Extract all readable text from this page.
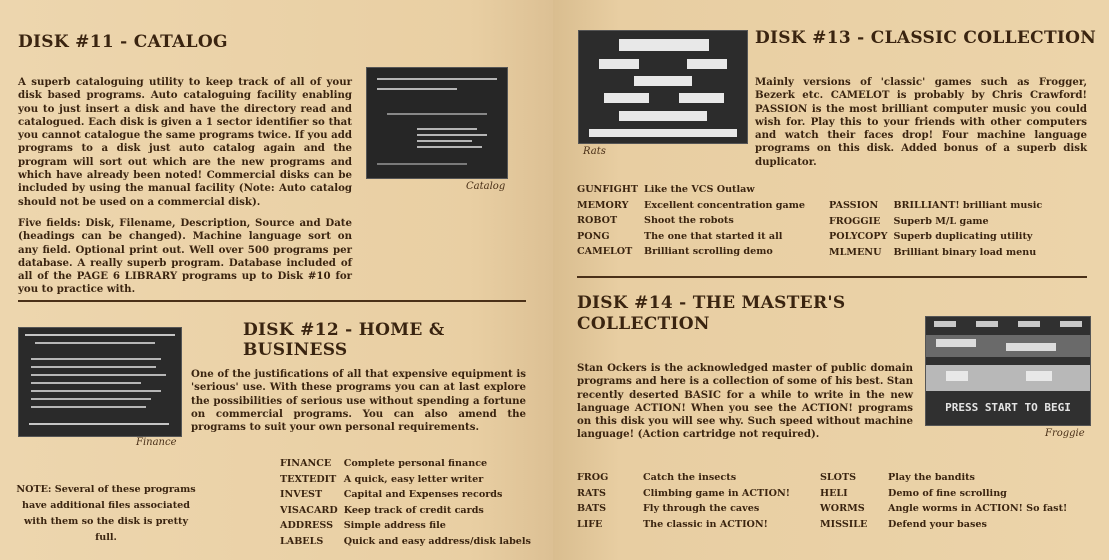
DISK #11 - CATALOG

A superb cataloguing utility to keep track of all of your disk based programs. Auto cataloguing facility enabling you to just insert a disk and have the directory read and catalogued. Each disk is given a 1 sector identifier so that you cannot catalogue the same programs twice. If you add programs to a disk just auto catalog again and the program will sort out which are the new programs and which have already been noted! Commercial disks can be included by using the manual facility (Note: Auto catalog should not be used on a commercial disk).

Five fields: Disk, Filename, Description, Source and Date (headings can be changed). Machine language sort on any field. Optional print out. Well over 500 programs per database. A really superb program. Database included of all of the PAGE 6 LIBRARY programs up to Disk #10 for you to practice with.

Catalog
Finance
DISK #12 - HOME & BUSINESS

One of the justifications of all that expensive equipment is 'serious' use. With these programs you can at last explore the possibilities of serious use without spending a fortune on commercial programs. You can also amend the programs to suit your own personal requirements.

NOTE: Several of these programs have additional files associated with them so the disk is pretty full.
FINANCE	Complete personal finance
TEXTEDIT	A quick, easy letter writer
INVEST	Capital and Expenses records
VISACARD	Keep track of credit cards
ADDRESS	Simple address file
LABELS	Quick and easy address/disk labels
Rats
DISK #13 - CLASSIC COLLECTION

Mainly versions of 'classic' games such as Frogger, Bezerk etc. CAMELOT is probably by Chris Crawford! PASSION is the most brilliant computer music you could wish for. Play this to your friends with other computers and watch their faces drop! Four machine language programs on this disk. Added bonus of a superb disk duplicator.

GUNFIGHT	Like the VCS Outlaw
MEMORY	Excellent concentration game
ROBOT	Shoot the robots
PONG	The one that started it all
CAMELOT	Brilliant scrolling demo
PASSION	BRILLIANT! brilliant music
FROGGIE	Superb M/L game
POLYCOPY	Superb duplicating utility
MLMENU	Brilliant binary load menu
DISK #14 - THE MASTER'S
COLLECTION
PRESS START TO BEGI
Froggie

Stan Ockers is the acknowledged master of public domain programs and here is a collection of some of his best. Stan recently deserted BASIC for a while to write in the new language ACTION! When you see the ACTION! programs on this disk you will see why. Such speed without machine language! (Action cartridge not required).

FROG	Catch the insects
RATS	Climbing game in ACTION!
BATS	Fly through the caves
LIFE	The classic in ACTION!
SLOTS	Play the bandits
HELI	Demo of fine scrolling
WORMS	Angle worms in ACTION! So fast!
MISSILE	Defend your bases
